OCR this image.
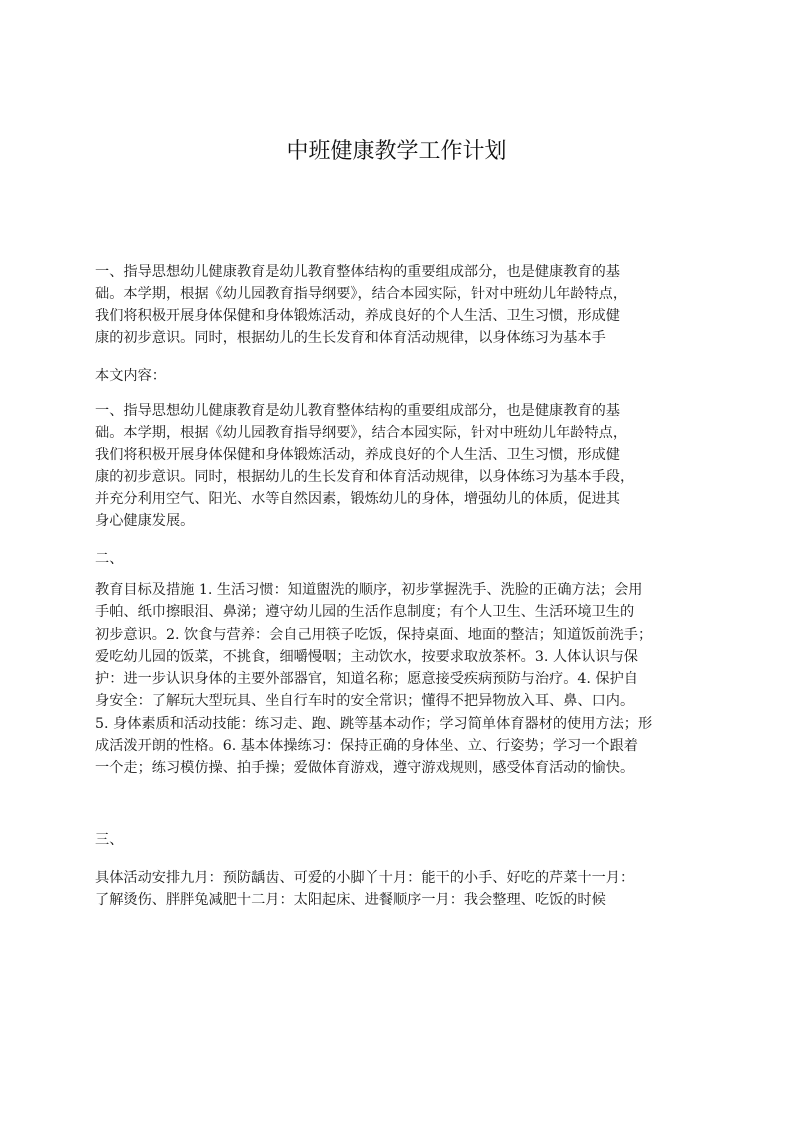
中班健康教学工作计划
一、指导思想幼儿健康教育是幼儿教育整体结构的重要组成部分，也是健康教育的基
础。本学期，根据《幼儿园教育指导纲要》，结合本园实际，针对中班幼儿年龄特点，
我们将积极开展身体保健和身体锻炼活动，养成良好的个人生活、卫生习惯，形成健
康的初步意识。同时，根据幼儿的生长发育和体育活动规律，以身体练习为基本手
本文内容：
一、指导思想幼儿健康教育是幼儿教育整体结构的重要组成部分，也是健康教育的基
础。本学期，根据《幼儿园教育指导纲要》，结合本园实际，针对中班幼儿年龄特点，
我们将积极开展身体保健和身体锻炼活动，养成良好的个人生活、卫生习惯，形成健
康的初步意识。同时，根据幼儿的生长发育和体育活动规律，以身体练习为基本手段，
并充分利用空气、阳光、水等自然因素，锻炼幼儿的身体，增强幼儿的体质，促进其
身心健康发展。
二、
教育目标及措施 1. 生活习惯：知道盥洗的顺序，初步掌握洗手、洗脸的正确方法；会用
手帕、纸巾擦眼泪、鼻涕；遵守幼儿园的生活作息制度；有个人卫生、生活环境卫生的
初步意识。2. 饮食与营养：会自己用筷子吃饭，保持桌面、地面的整洁；知道饭前洗手；
爱吃幼儿园的饭菜，不挑食，细嚼慢咽；主动饮水，按要求取放茶杯。3. 人体认识与保
护：进一步认识身体的主要外部器官，知道名称；愿意接受疾病预防与治疗。4. 保护自
身安全：了解玩大型玩具、坐自行车时的安全常识；懂得不把异物放入耳、鼻、口内。
5. 身体素质和活动技能：练习走、跑、跳等基本动作；学习简单体育器材的使用方法；形
成活泼开朗的性格。6. 基本体操练习：保持正确的身体坐、立、行姿势；学习一个跟着
一个走；练习模仿操、拍手操；爱做体育游戏，遵守游戏规则，感受体育活动的愉快。
三、
具体活动安排九月：预防龋齿、可爱的小脚丫十月：能干的小手、好吃的芹菜十一月：
了解烫伤、胖胖兔减肥十二月：太阳起床、进餐顺序一月：我会整理、吃饭的时候
